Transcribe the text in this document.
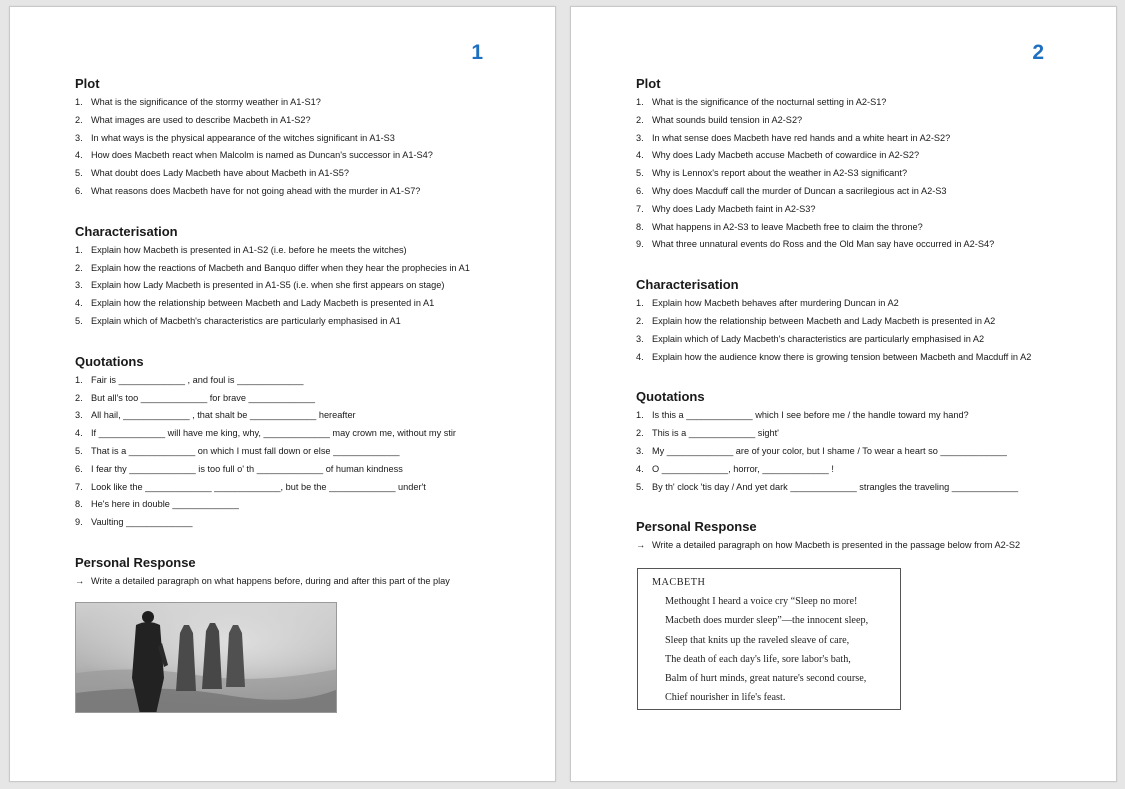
1
Plot
1. What is the significance of the stormy weather in A1-S1?
2. What images are used to describe Macbeth in A1-S2?
3. In what ways is the physical appearance of the witches significant in A1-S3
4. How does Macbeth react when Malcolm is named as Duncan's successor in A1-S4?
5. What doubt does Lady Macbeth have about Macbeth in A1-S5?
6. What reasons does Macbeth have for not going ahead with the murder in A1-S7?
Characterisation
1. Explain how Macbeth is presented in A1-S2 (i.e. before he meets the witches)
2. Explain how the reactions of Macbeth and Banquo differ when they hear the prophecies in A1
3. Explain how Lady Macbeth is presented in A1-S5 (i.e. when she first appears on stage)
4. Explain how the relationship between Macbeth and Lady Macbeth is presented in A1
5. Explain which of Macbeth's characteristics are particularly emphasised in A1
Quotations
1. Fair is _____________ , and foul is _____________
2. But all's too _____________ for brave _____________
3. All hail, _____________ , that shalt be _____________ hereafter
4. If _____________ will have me king, why, _____________ may crown me, without my stir
5. That is a _____________ on which I must fall down or else _____________
6. I fear thy _____________ is too full o' th _____________ of human kindness
7. Look like the _____________ _____________, but be the _____________ under't
8. He's here in double _____________
9. Vaulting _____________
Personal Response
→ Write a detailed paragraph on what happens before, during and after this part of the play
2
Plot
1. What is the significance of the nocturnal setting in A2-S1?
2. What sounds build tension in A2-S2?
3. In what sense does Macbeth have red hands and a white heart in A2-S2?
4. Why does Lady Macbeth accuse Macbeth of cowardice in A2-S2?
5. Why is Lennox's report about the weather in A2-S3 significant?
6. Why does Macduff call the murder of Duncan a sacrilegious act in A2-S3
7. Why does Lady Macbeth faint in A2-S3?
8. What happens in A2-S3 to leave Macbeth free to claim the throne?
9. What three unnatural events do Ross and the Old Man say have occurred in A2-S4?
Characterisation
1. Explain how Macbeth behaves after murdering Duncan in A2
2. Explain how the relationship between Macbeth and Lady Macbeth is presented in A2
3. Explain which of Lady Macbeth's characteristics are particularly emphasised in A2
4. Explain how the audience know there is growing tension between Macbeth and Macduff in A2
Quotations
1. Is this a _____________ which I see before me / the handle toward my hand?
2. This is a _____________ sight'
3. My _____________ are of your color, but I shame / To wear a heart so _____________
4. O _____________, horror, _____________ !
5. By th' clock 'tis day / And yet dark _____________ strangles the traveling _____________
Personal Response
→ Write a detailed paragraph on how Macbeth is presented in the passage below from A2-S2
MACBETH
Methought I heard a voice cry “Sleep no more!
Macbeth does murder sleep”—the innocent sleep,
Sleep that knits up the raveled sleave of care,
The death of each day's life, sore labor's bath,
Balm of hurt minds, great nature's second course,
Chief nourisher in life's feast.
